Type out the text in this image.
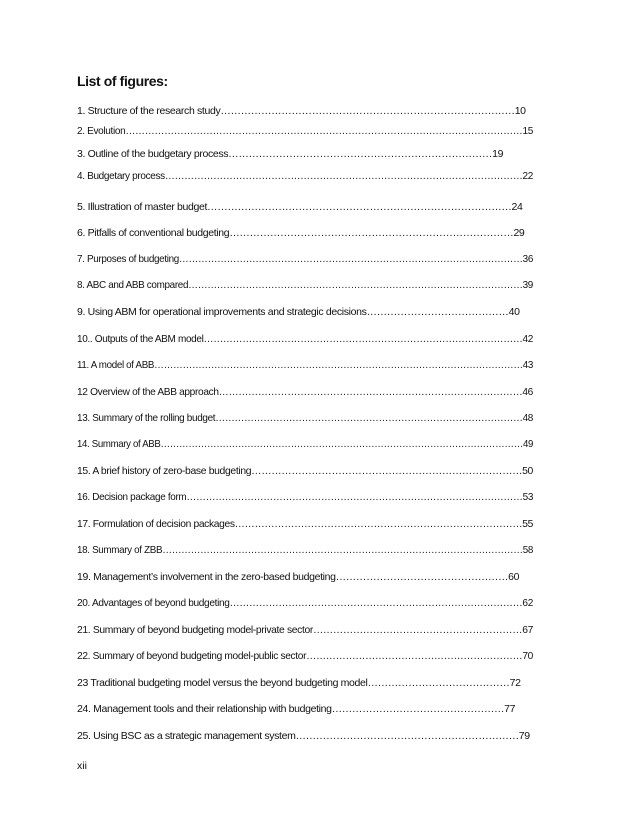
List of figures:
1. Structure of the research study……………………………………………………………………………10
2. Evolution……………………………………………………………………………………………………………15
3. Outline of the budgetary process……………………………………………………………………19
4. Budgetary process…………………………………………………………………………………………………22
5. Illustration of master budget………………………………………………………………………………24
6. Pitfalls of conventional budgeting…………………………………………………………………………29
7. Purposes of budgeting………………………………………………………………………………………………36
8. ABC and ABB compared……………………………………………………………………………………………39
9. Using ABM for operational improvements and strategic decisions……………………………………40
10.. Outputs of the ABM model………………………………………………………………………………………42
11. A model of ABB………………………………………………………………………………………………………43
12 Overview of the ABB approach…………………………………………………………………………………46
13. Summary of the rolling budget……………………………………………………………………………………48
14. Summary of ABB………………………………………………………………………………………………………49
15. A brief history of zero-base budgeting………………………………………………………………………50
16. Decision package form……………………………………………………………………………………………53
17. Formulation of decision packages……………………………………………………………………………55
18. Summary of ZBB……………………………………………………………………………………………………58
19. Management’s involvement in the zero-based budgeting……………………………………………60
20. Advantages of beyond budgeting………………………………………………………………………………62
21. Summary of beyond budgeting model-private sector………………………………………………………67
22. Summary of beyond budgeting model-public sector…………………………………………………………70
23 Traditional budgeting model versus the beyond budgeting model……………………………………72
24. Management tools and their relationship with budgeting……………………………………………77
25. Using BSC as a strategic management system…………………………………………………………79
xii
